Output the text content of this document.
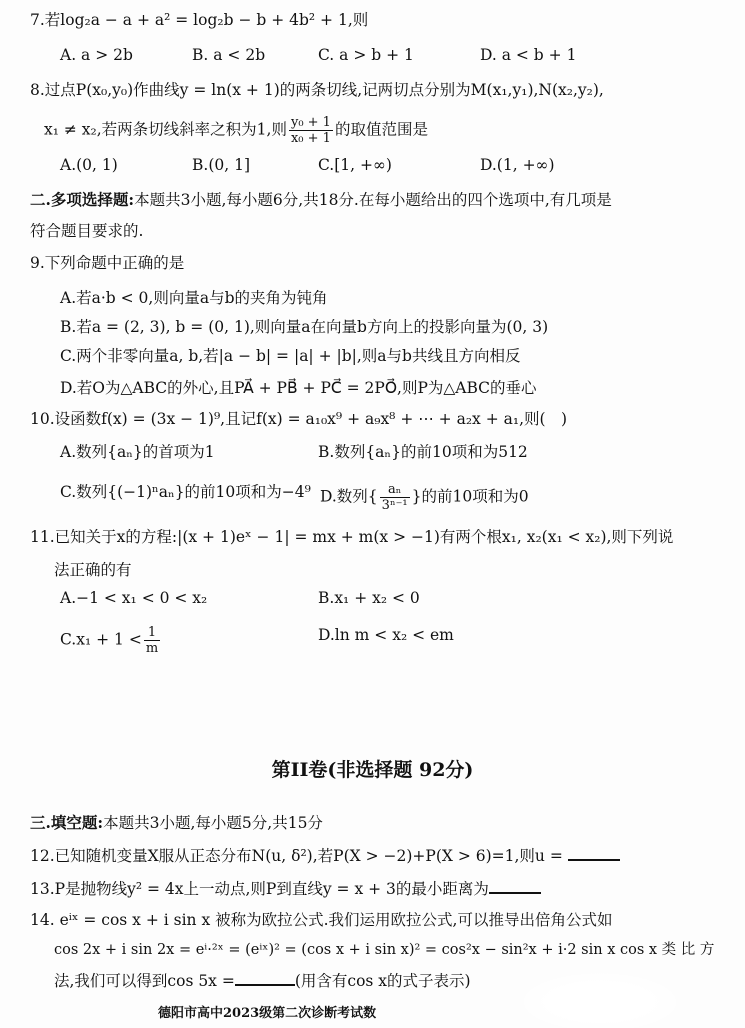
7.若log₂a − a + a² = log₂b − b + 4b² + 1,则
A. a > 2b	B. a < 2b	C. a > b + 1	D. a < b + 1
8.过点P(x₀,y₀)作曲线y = ln(x + 1)的两条切线,记两切点分别为M(x₁,y₁),N(x₂,y₂),
x₁ ≠ x₂,若两条切线斜率之积为1,则 $\frac{\text{y₀ + 1}}{\text{x₀ + 1}}$ 的取值范围是
A.(0, 1)	B.(0, 1]	C.[1, +∞)	D.(1, +∞)
二.多项选择题:本题共3小题,每小题6分,共18分.在每小题给出的四个选项中,有几项是
符合题目要求的.
9.下列命题中正确的是
A.若a·b < 0,则向量a与b的夹角为钝角
B.若a = (2, 3), b = (0, 1),则向量a在向量b方向上的投影向量为(0, 3)
C.两个非零向量a, b,若|a − b| = |a| + |b|,则a与b共线且方向相反
D.若O为△ABC的外心,且PA⃗ + PB⃗ + PC⃗ = 2PO⃗,则P为△ABC的垂心
10.设函数f(x) = (3x − 1)⁹,且记f(x) = a₁₀x⁹ + a₉x⁸ + ⋯ + a₂x + a₁,则(　)
A.数列{aₙ}的首项为1	B.数列{aₙ}的前10项和为512
C.数列{(−1)ⁿaₙ}的前10项和为−4⁹ D.数列{ $\frac{\text{aₙ}}{\text{3ⁿ⁻¹}}$ }的前10项和为0
11.已知关于x的方程:|(x + 1)eˣ − 1| = mx + m(x > −1)有两个根x₁, x₂(x₁ < x₂),则下列说
法正确的有
A.−1 < x₁ < 0 < x₂	B.x₁ + x₂ < 0
$C.x_1 + 1 < \frac{1}{m}$	D.ln m < x₂ < em
第II卷(非选择题 92分)
三.填空题:本题共3小题,每小题5分,共15分
12.已知随机变量X服从正态分布N(u, δ²),若P(X > −2)+P(X > 6)=1,则u =
13.P是抛物线y² = 4x上一动点,则P到直线y = x + 3的最小距离为
14. eⁱˣ = cos x + i sin x 被称为欧拉公式.我们运用欧拉公式,可以推导出倍角公式如
cos 2x + i sin 2x = eⁱ·²ˣ = (eⁱˣ)² = (cos x + i sin x)² = cos²x − sin²x + i·2 sin x cos x 类 比 方
法,我们可以得到cos 5x =	(用含有cos x的式子表示)
德阳市高中2023级第二次诊断考试数
